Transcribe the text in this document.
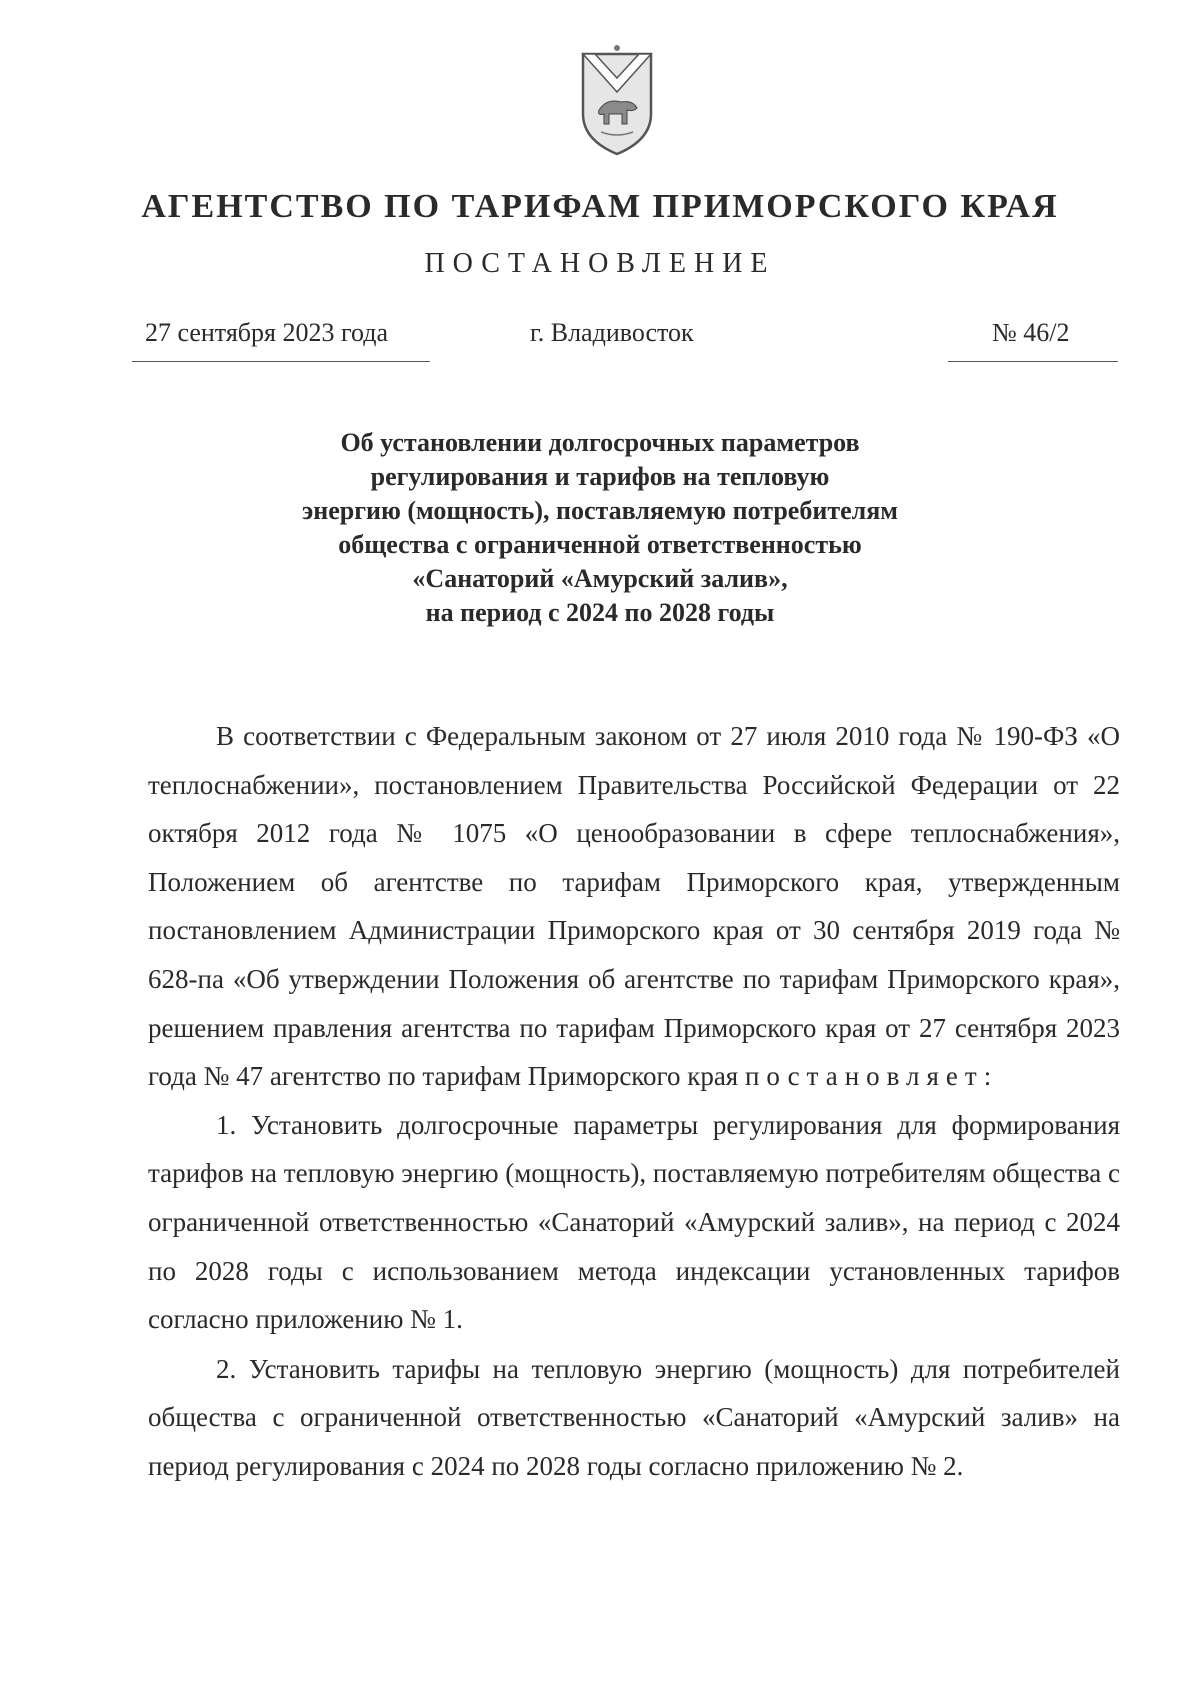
АГЕНТСТВО ПО ТАРИФАМ ПРИМОРСКОГО КРАЯ
ПОСТАНОВЛЕНИЕ
27 сентября 2023 года	г. Владивосток	№ 46/2
Об установлении долгосрочных параметров
регулирования и тарифов на тепловую
энергию (мощность), поставляемую потребителям
общества с ограниченной ответственностью
«Санаторий «Амурский залив»,
на период с 2024 по 2028 годы

В соответствии с Федеральным законом от 27 июля 2010 года № 190-ФЗ «О теплоснабжении», постановлением Правительства Российской Федерации от 22 октября 2012 года № 1075 «О ценообразовании в сфере теплоснабжения», Положением об агентстве по тарифам Приморского края, утвержденным постановлением Администрации Приморского края от 30 сентября 2019 года № 628-па «Об утверждении Положения об агентстве по тарифам Приморского края», решением правления агентства по тарифам Приморского края от 27 сентября 2023 года № 47 агентство по тарифам Приморского края постановляет:

1. Установить долгосрочные параметры регулирования для формирования тарифов на тепловую энергию (мощность), поставляемую потребителям общества с ограниченной ответственностью «Санаторий «Амурский залив», на период с 2024 по 2028 годы с использованием метода индексации установленных тарифов согласно приложению № 1.

2. Установить тарифы на тепловую энергию (мощность) для потребителей общества с ограниченной ответственностью «Санаторий «Амурский залив» на период регулирования с 2024 по 2028 годы согласно приложению № 2.
